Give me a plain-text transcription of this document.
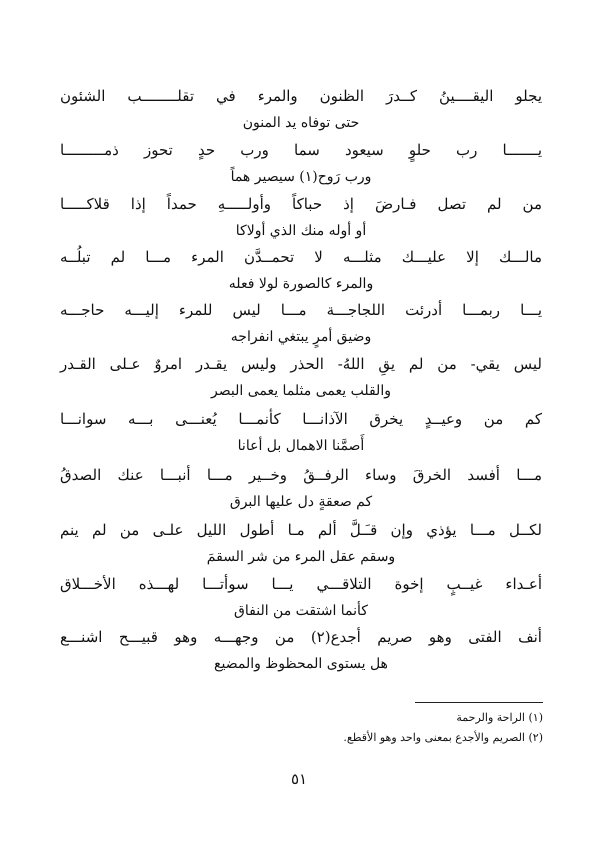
يجلو اليقــــينُ كــدرَ الظنون والمرء في تقلــــــــب الشئون
حتى توفاه يد المنون
يـــــــا رب حلوٍ سيعود سما ورب حدٍ تحوز ذمـــــــــا
ورب رَوح(١) سيصير هماً
من لم تصل فـارضَ إذ حباكاً وأولـــــهِ حمداً إذا قلاكـــــا
أو أوله منك الذي أولاكا
مالـــك إلا عليـــك مثلـــه لا تحمــدَّن المرء مـــا لم تبلُــه
والمرء كالصورة لولا فعله
يـــا ربمـــا أدرئت اللجاجـــة مـــا ليس للمرء إليـــه حاجـــه
وضيق أمرٍ يبتغي انفراجه
ليس يقي- من لم يقِ اللهُ- الحذر وليس يقـدر امروٌ عـلى القـدر
والقلب يعمى مثلما يعمى البصر
كم من وعيــدٍ يخرق الآذانـــا كأنمـــا يُعنـــى بـــه سوانـــا
أَصمَّنا الاهمال بل أعانا
مـــا أفسد الخرقَ وساء الرفــقُ وخــير مـــا أنبـــا عنك الصدقُ
كم صعقةٍ دل عليها البرق
لكــل مـــا يؤذي وإن قـَـلَّ ألم مـا أطول الليل علـى من لم ينم
وسقم عقل المرء من شر السقمَ
أعـداء غيــبٍ إخوة التلاقـــي يـــا سوأتـــا لهـــذه الأخـــلاق
كأنما اشتقت من النفاق
أنف الفتى وهو صريم أجدع(٢) من وجهـــه وهو قبيـــح اشنـــع
هل يستوى المحظوظ والمضيع
(١) الراحة والرحمة
(٢) الصريم والأجدع بمعنى واحد وهو الأقطع.
٥١
